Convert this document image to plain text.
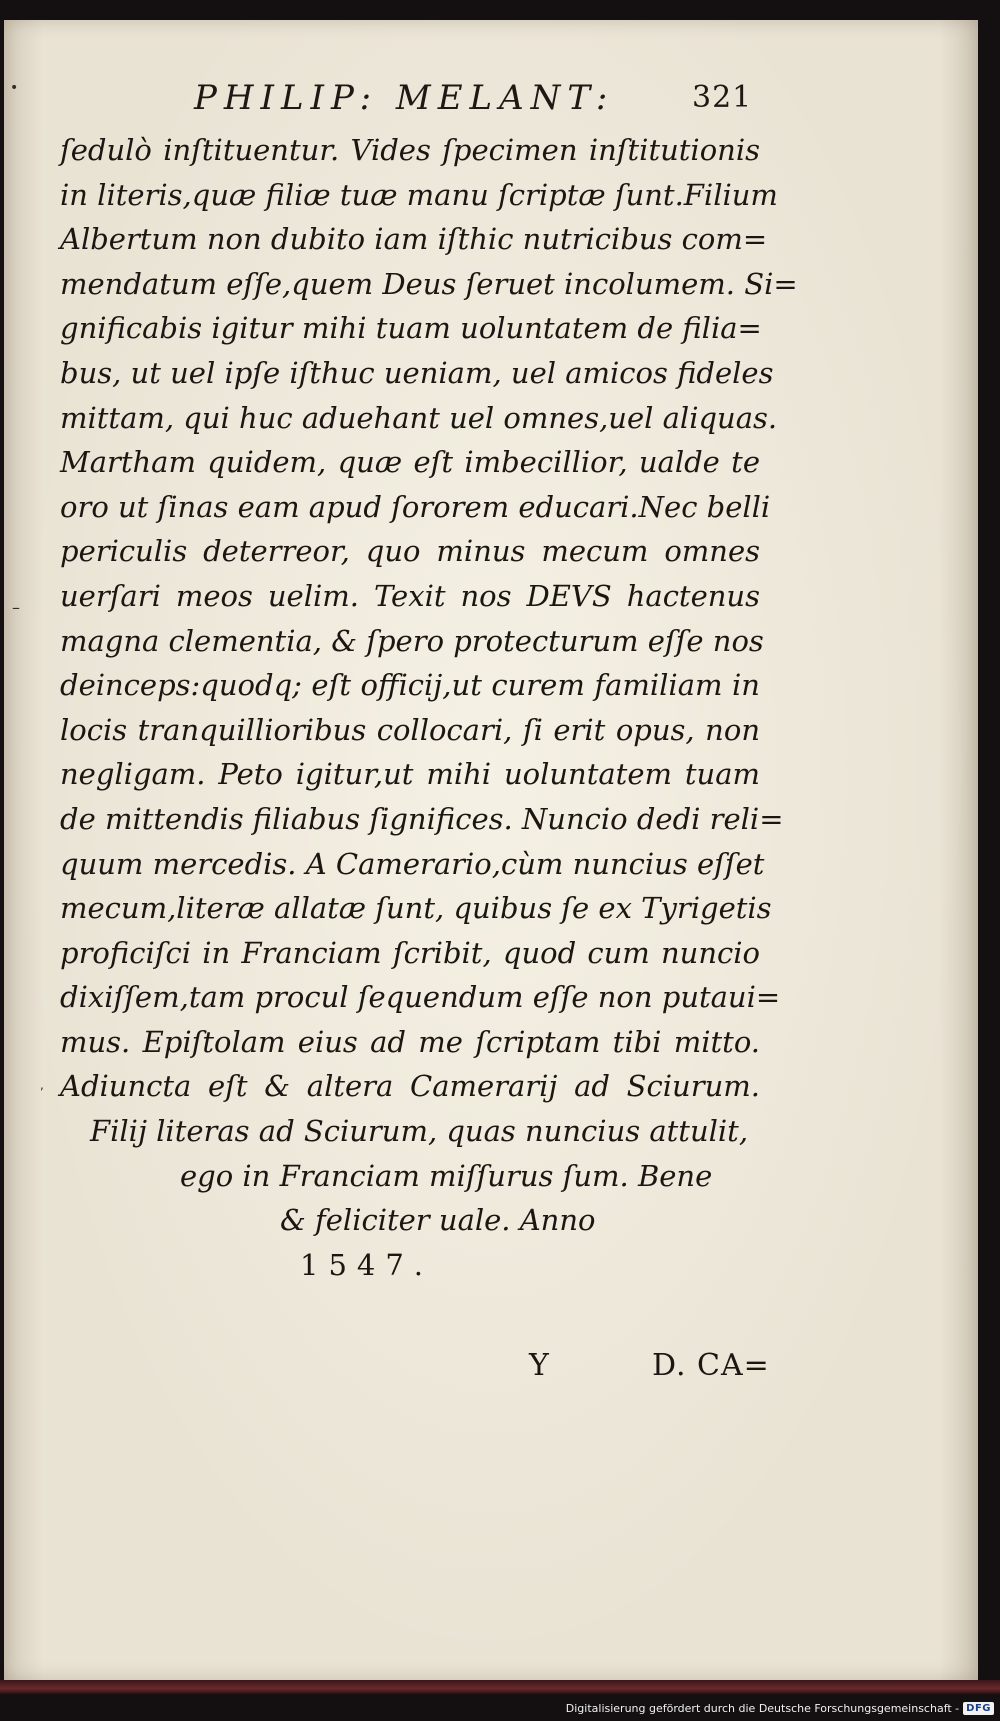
PHILIP: MELANT:	321
ſedulò inſtituentur. Vides ſpecimen inſtitutionis
in literis,quæ filiæ tuæ manu ſcriptæ ſunt.Filium
Albertum non dubito iam iſthic nutricibus com=
mendatum eſſe,quem Deus ſeruet incolumem. Si=
gnificabis igitur mihi tuam uoluntatem de filia=
bus, ut uel ipſe iſthuc ueniam, uel amicos fideles
mittam, qui huc aduehant uel omnes,uel aliquas.
Martham quidem, quæ eſt imbecillior, ualde te
oro ut ſinas eam apud ſororem educari.Nec belli
periculis deterreor, quo minus mecum omnes
uerſari meos uelim. Texit nos DEVS hactenus
magna clementia, & ſpero protecturum eſſe nos
deinceps:quodq; eſt officij,ut curem familiam in
locis tranquillioribus collocari, ſi erit opus, non
negligam. Peto igitur,ut mihi uoluntatem tuam
de mittendis filiabus ſignifices. Nuncio dedi reli=
quum mercedis. A Camerario,cùm nuncius eſſet
mecum,literæ allatæ ſunt, quibus ſe ex Tyrigetis
proficiſci in Franciam ſcribit, quod cum nuncio
dixiſſem,tam procul ſequendum eſſe non putaui=
mus. Epiſtolam eius ad me ſcriptam tibi mitto.
Adiuncta eſt & altera Camerarij ad Sciurum.
Filij literas ad Sciurum, quas nuncius attulit,
ego in Franciam miſſurus ſum. Bene
& feliciter uale. Anno
1547.
Y	D. CA=
•
–
,
Digitalisierung gefördert durch die Deutsche Forschungsgemeinschaft - DFG
